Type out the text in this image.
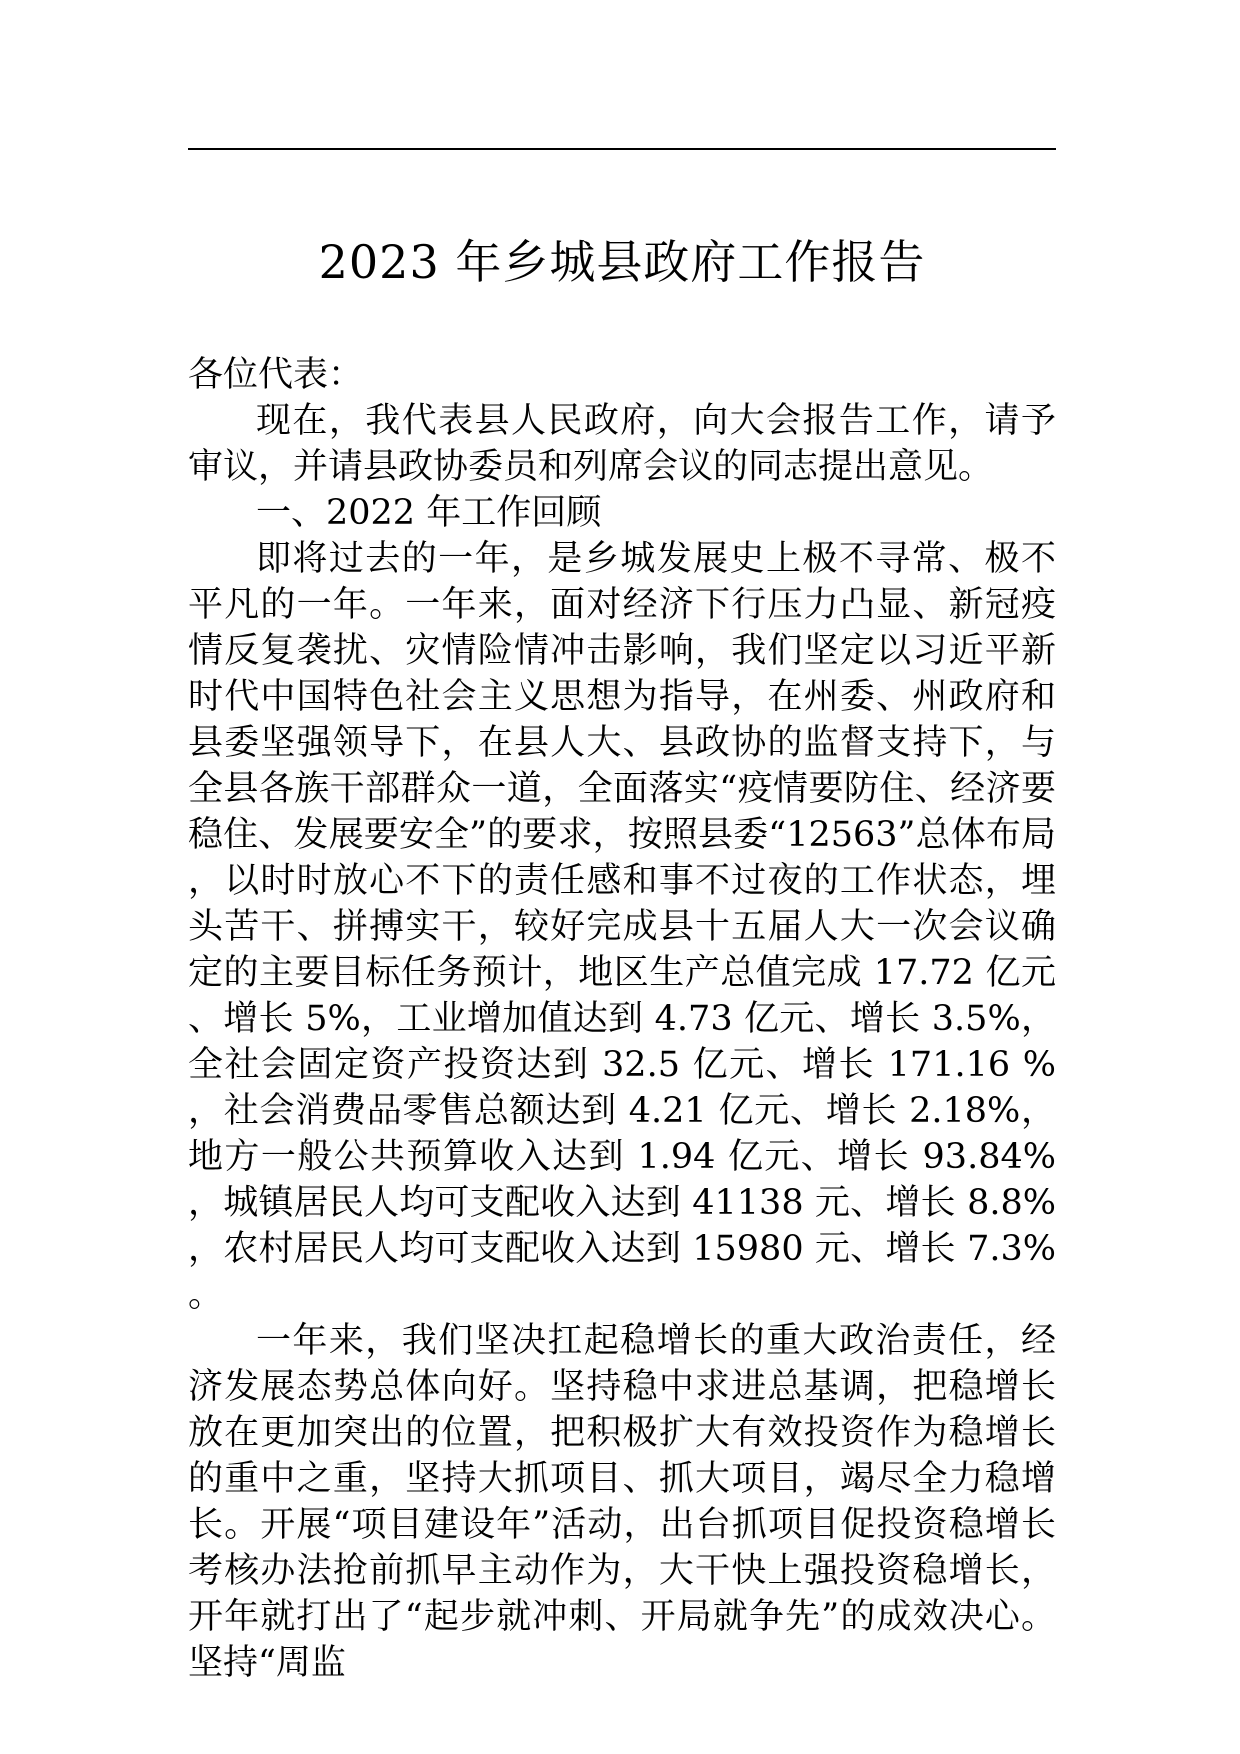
2023 年乡城县政府工作报告

各位代表：

现在，我代表县人民政府，向大会报告工作，请予审议，并请县政协委员和列席会议的同志提出意见。

一、2022 年工作回顾

即将过去的一年，是乡城发展史上极不寻常、极不平凡的一年。一年来，面对经济下行压力凸显、新冠疫情反复袭扰、灾情险情冲击影响，我们坚定以习近平新时代中国特色社会主义思想为指导，在州委、州政府和县委坚强领导下，在县人大、县政协的监督支持下，与全县各族干部群众一道，全面落实“疫情要防住、经济要稳住、发展要安全”的要求，按照县委“12563”总体布局，以时时放心不下的责任感和事不过夜的工作状态，埋头苦干、拼搏实干，较好完成县十五届人大一次会议确定的主要目标任务预计，地区生产总值完成 17.72 亿元、增长 5%，工业增加值达到 4.73 亿元、增长 3.5%，全社会固定资产投资达到 32.5 亿元、增长 171.16 %，社会消费品零售总额达到 4.21 亿元、增长 2.18%，地方一般公共预算收入达到 1.94 亿元、增长 93.84%，城镇居民人均可支配收入达到 41138 元、增长 8.8%，农村居民人均可支配收入达到 15980 元、增长 7.3%。

一年来，我们坚决扛起稳增长的重大政治责任，经济发展态势总体向好。坚持稳中求进总基调，把稳增长放在更加突出的位置，把积极扩大有效投资作为稳增长的重中之重，坚持大抓项目、抓大项目，竭尽全力稳增长。开展“项目建设年”活动，出台抓项目促投资稳增长考核办法抢前抓早主动作为，大干快上强投资稳增长，开年就打出了“起步就冲刺、开局就争先”的成效决心。坚持“周监
